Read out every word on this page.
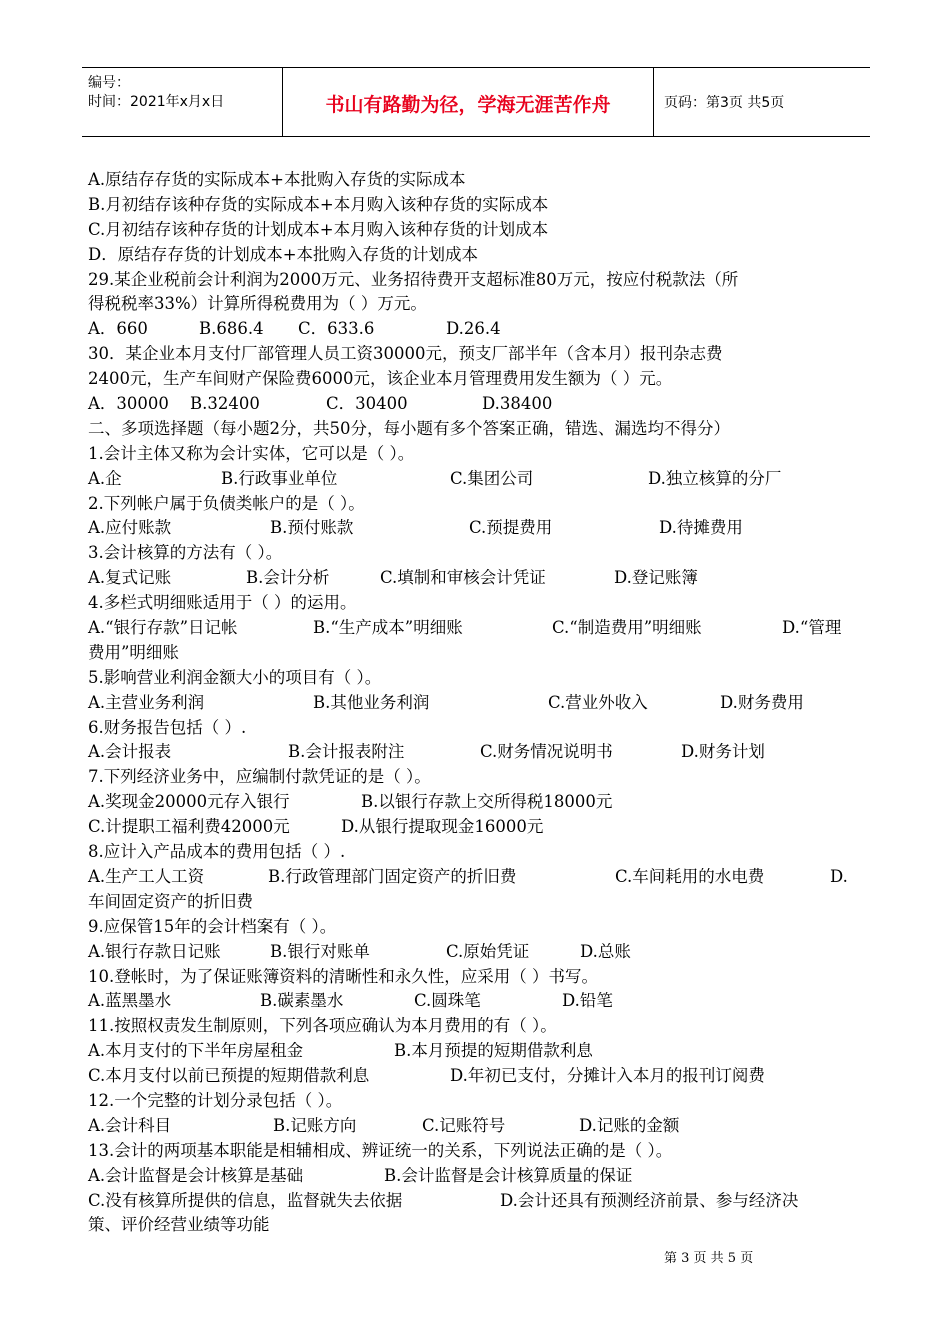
编号：
时间：2021年x月x日	书山有路勤为径，学海无涯苦作舟	页码：第3页 共5页
A.原结存存货的实际成本+本批购入存货的实际成本
B.月初结存该种存货的实际成本+本月购入该种存货的实际成本
C.月初结存该种存货的计划成本+本月购入该种存货的计划成本
D．原结存存货的计划成本+本批购入存货的计划成本
29.某企业税前会计利润为2000万元、业务招待费开支超标准80万元，按应付税款法（所
得税税率33%）计算所得税费用为（ ）万元。
A．660	B.686.4 C．633.6	D.26.4
30．某企业本月支付厂部管理人员工资30000元，预支厂部半年（含本月）报刊杂志费
2400元，生产车间财产保险费6000元，该企业本月管理费用发生额为（ ）元。
A．30000 B.32400	C．30400	D.38400
二、多项选择题（每小题2分，共50分，每小题有多个答案正确，错选、漏选均不得分）
1.会计主体又称为会计实体，它可以是（ ）。
A.企	B.行政事业单位	C.集团公司	D.独立核算的分厂
2.下列帐户属于负债类帐户的是（ ）。
A.应付账款	B.预付账款	C.预提费用	D.待摊费用
3.会计核算的方法有（ ）。
A.复式记账	B.会计分析	C.填制和审核会计凭证	D.登记账簿
4.多栏式明细账适用于（ ）的运用。
A.“银行存款”日记帐	B.“生产成本”明细账	C.“制造费用”明细账	D.“管理
费用”明细账
5.影响营业利润金额大小的项目有（ ）。
A.主营业务利润	B.其他业务利润	C.营业外收入	D.财务费用
6.财务报告包括（ ）.
A.会计报表	B.会计报表附注	C.财务情况说明书	D.财务计划
7.下列经济业务中，应编制付款凭证的是（ ）。
A.奖现金20000元存入银行	B.以银行存款上交所得税18000元
C.计提职工福利费42000元	D.从银行提取现金16000元
8.应计入产品成本的费用包括（ ）.
A.生产工人工资	B.行政管理部门固定资产的折旧费	C.车间耗用的水电费	D.
车间固定资产的折旧费
9.应保管15年的会计档案有（ ）。
A.银行存款日记账	B.银行对账单	C.原始凭证	D.总账
10.登帐时，为了保证账簿资料的清晰性和永久性，应采用（ ）书写。
A.蓝黑墨水	B.碳素墨水	C.圆珠笔	D.铅笔
11.按照权责发生制原则，下列各项应确认为本月费用的有（ ）。
A.本月支付的下半年房屋租金	B.本月预提的短期借款利息
C.本月支付以前已预提的短期借款利息	D.年初已支付，分摊计入本月的报刊订阅费
12.一个完整的计划分录包括（ ）。
A.会计科目	B.记账方向	C.记账符号	D.记账的金额
13.会计的两项基本职能是相辅相成、辨证统一的关系，下列说法正确的是（ ）。
A.会计监督是会计核算是基础	B.会计监督是会计核算质量的保证
C.没有核算所提供的信息，监督就失去依据	D.会计还具有预测经济前景、参与经济决
策、评价经营业绩等功能
第 3 页 共 5 页
